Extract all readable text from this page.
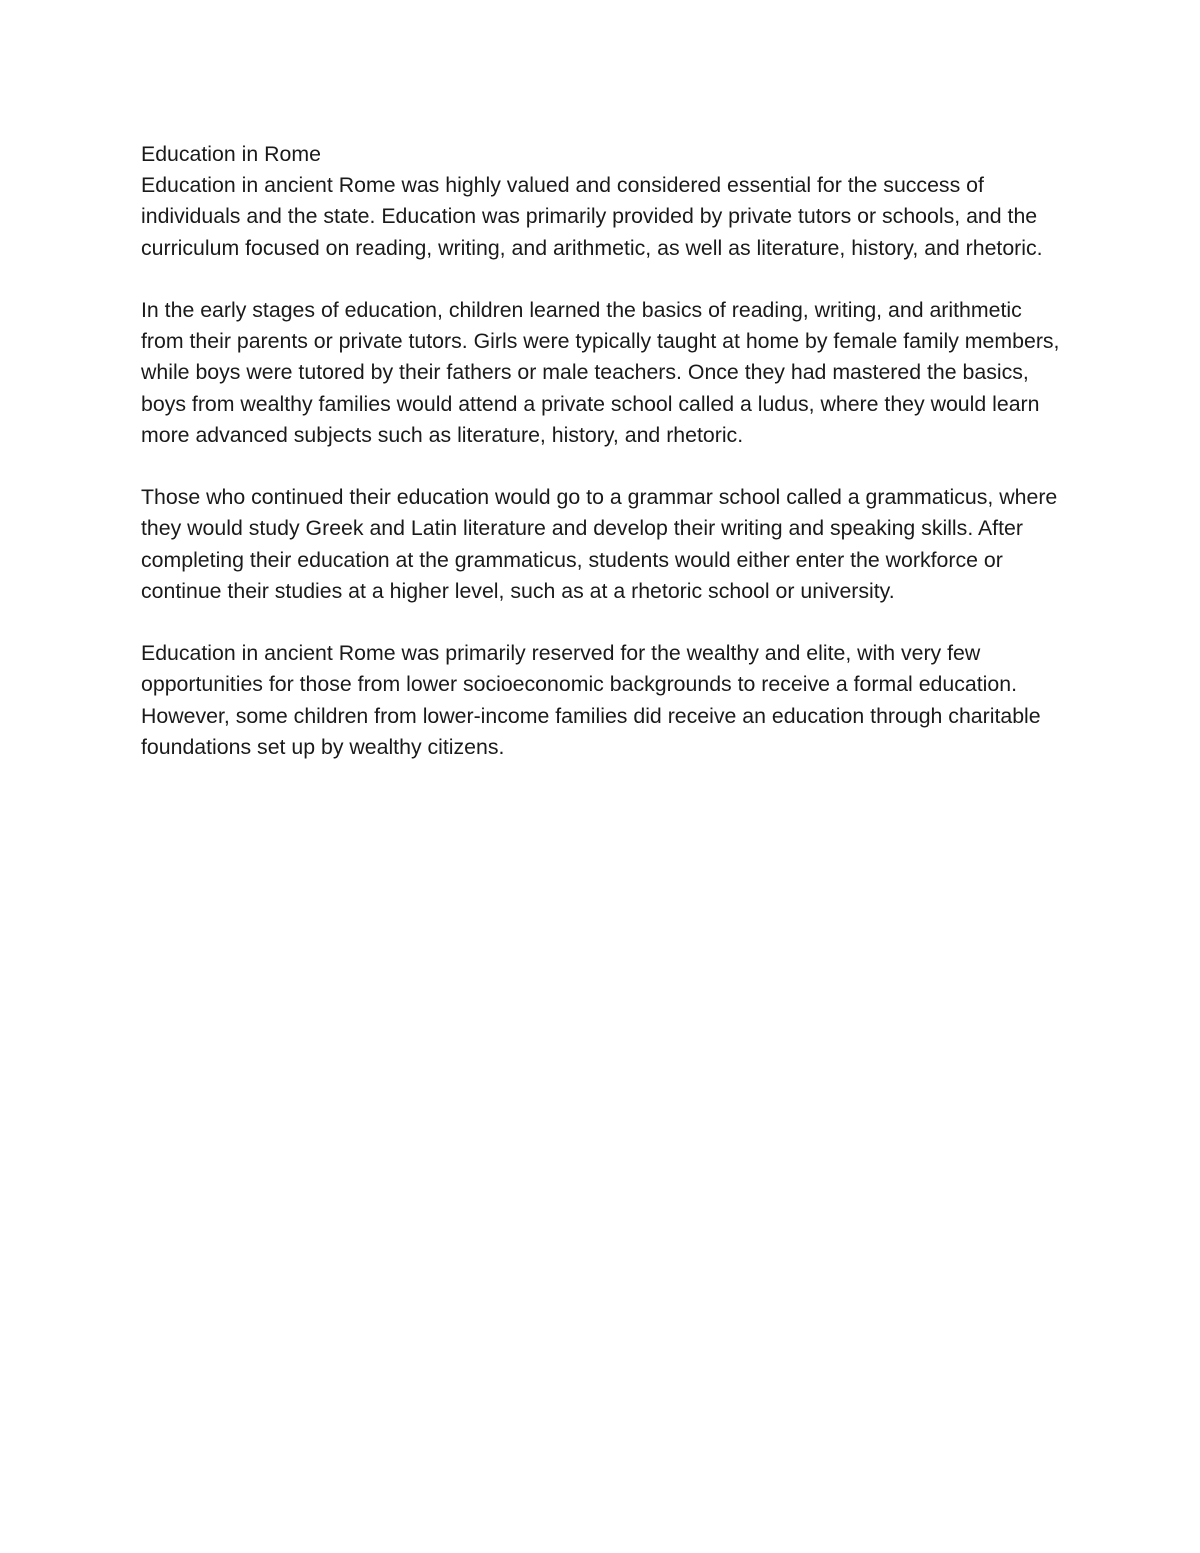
Education in Rome

Education in ancient Rome was highly valued and considered essential for the success of individuals and the state. Education was primarily provided by private tutors or schools, and the curriculum focused on reading, writing, and arithmetic, as well as literature, history, and rhetoric.

In the early stages of education, children learned the basics of reading, writing, and arithmetic from their parents or private tutors. Girls were typically taught at home by female family members, while boys were tutored by their fathers or male teachers. Once they had mastered the basics, boys from wealthy families would attend a private school called a ludus, where they would learn more advanced subjects such as literature, history, and rhetoric.

Those who continued their education would go to a grammar school called a grammaticus, where they would study Greek and Latin literature and develop their writing and speaking skills. After completing their education at the grammaticus, students would either enter the workforce or continue their studies at a higher level, such as at a rhetoric school or university.

Education in ancient Rome was primarily reserved for the wealthy and elite, with very few opportunities for those from lower socioeconomic backgrounds to receive a formal education. However, some children from lower-income families did receive an education through charitable foundations set up by wealthy citizens.
